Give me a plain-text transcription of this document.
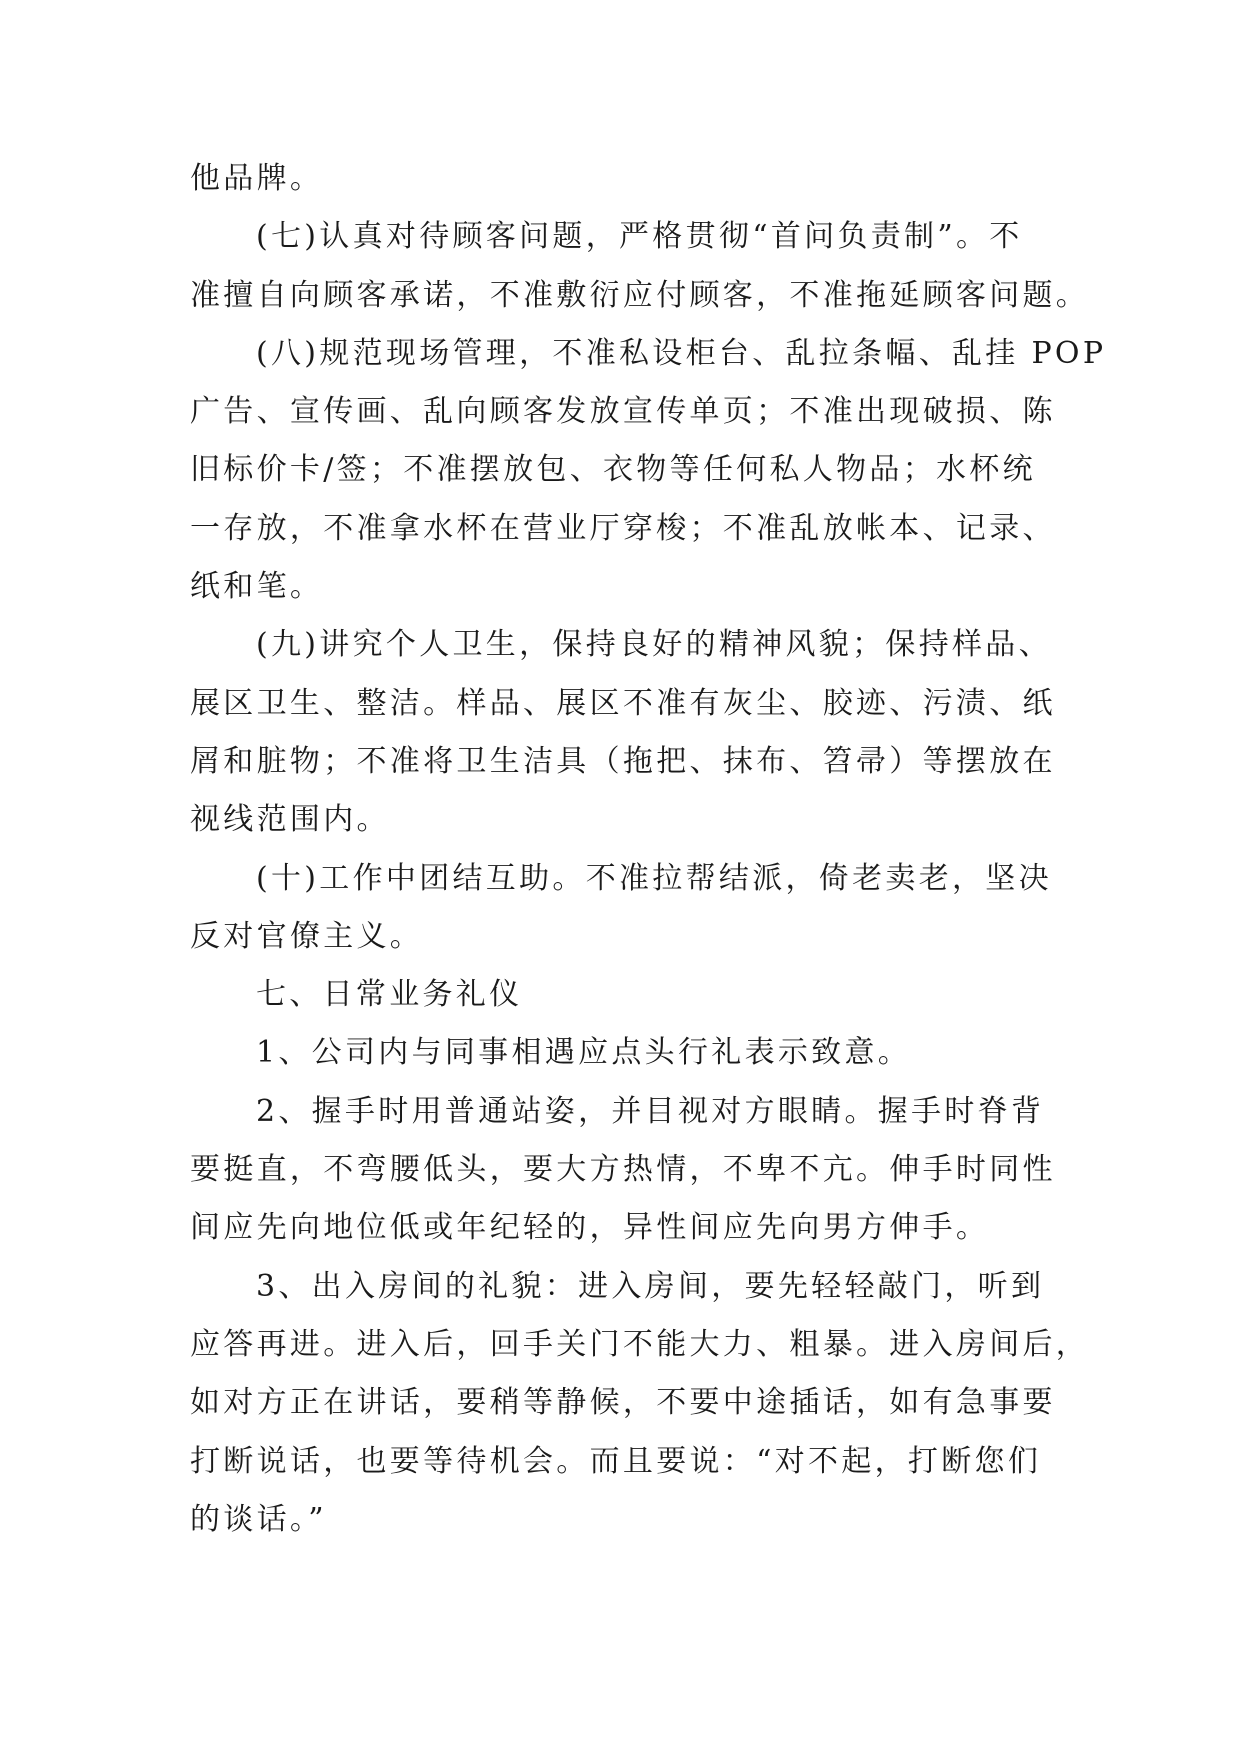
他品牌。
(七)认真对待顾客问题，严格贯彻“首问负责制”。不
准擅自向顾客承诺，不准敷衍应付顾客，不准拖延顾客问题。
(八)规范现场管理，不准私设柜台、乱拉条幅、乱挂 POP
广告、宣传画、乱向顾客发放宣传单页；不准出现破损、陈
旧标价卡/签；不准摆放包、衣物等任何私人物品；水杯统
一存放，不准拿水杯在营业厅穿梭；不准乱放帐本、记录、
纸和笔。
(九)讲究个人卫生，保持良好的精神风貌；保持样品、
展区卫生、整洁。样品、展区不准有灰尘、胶迹、污渍、纸
屑和脏物；不准将卫生洁具（拖把、抹布、笤帚）等摆放在
视线范围内。
(十)工作中团结互助。不准拉帮结派，倚老卖老，坚决
反对官僚主义。
七、日常业务礼仪
1、公司内与同事相遇应点头行礼表示致意。
2、握手时用普通站姿，并目视对方眼睛。握手时脊背
要挺直，不弯腰低头，要大方热情，不卑不亢。伸手时同性
间应先向地位低或年纪轻的，异性间应先向男方伸手。
3、出入房间的礼貌：进入房间，要先轻轻敲门，听到
应答再进。进入后，回手关门不能大力、粗暴。进入房间后，
如对方正在讲话，要稍等静候，不要中途插话，如有急事要
打断说话，也要等待机会。而且要说：“对不起，打断您们
的谈话。”
